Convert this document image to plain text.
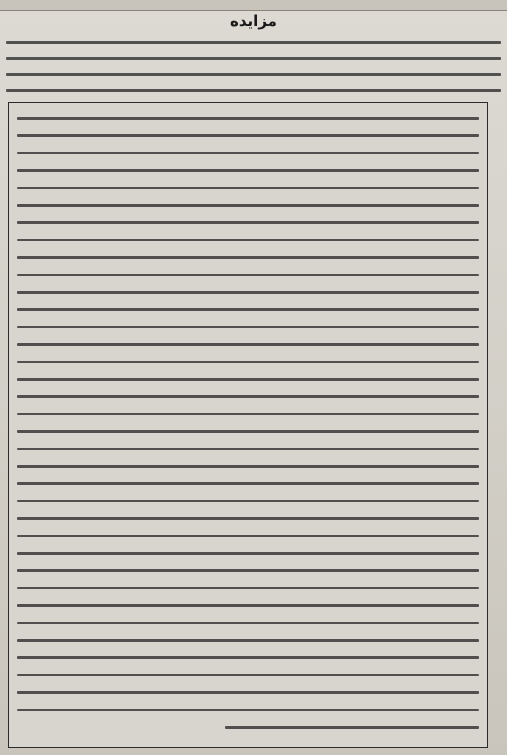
مزایده
